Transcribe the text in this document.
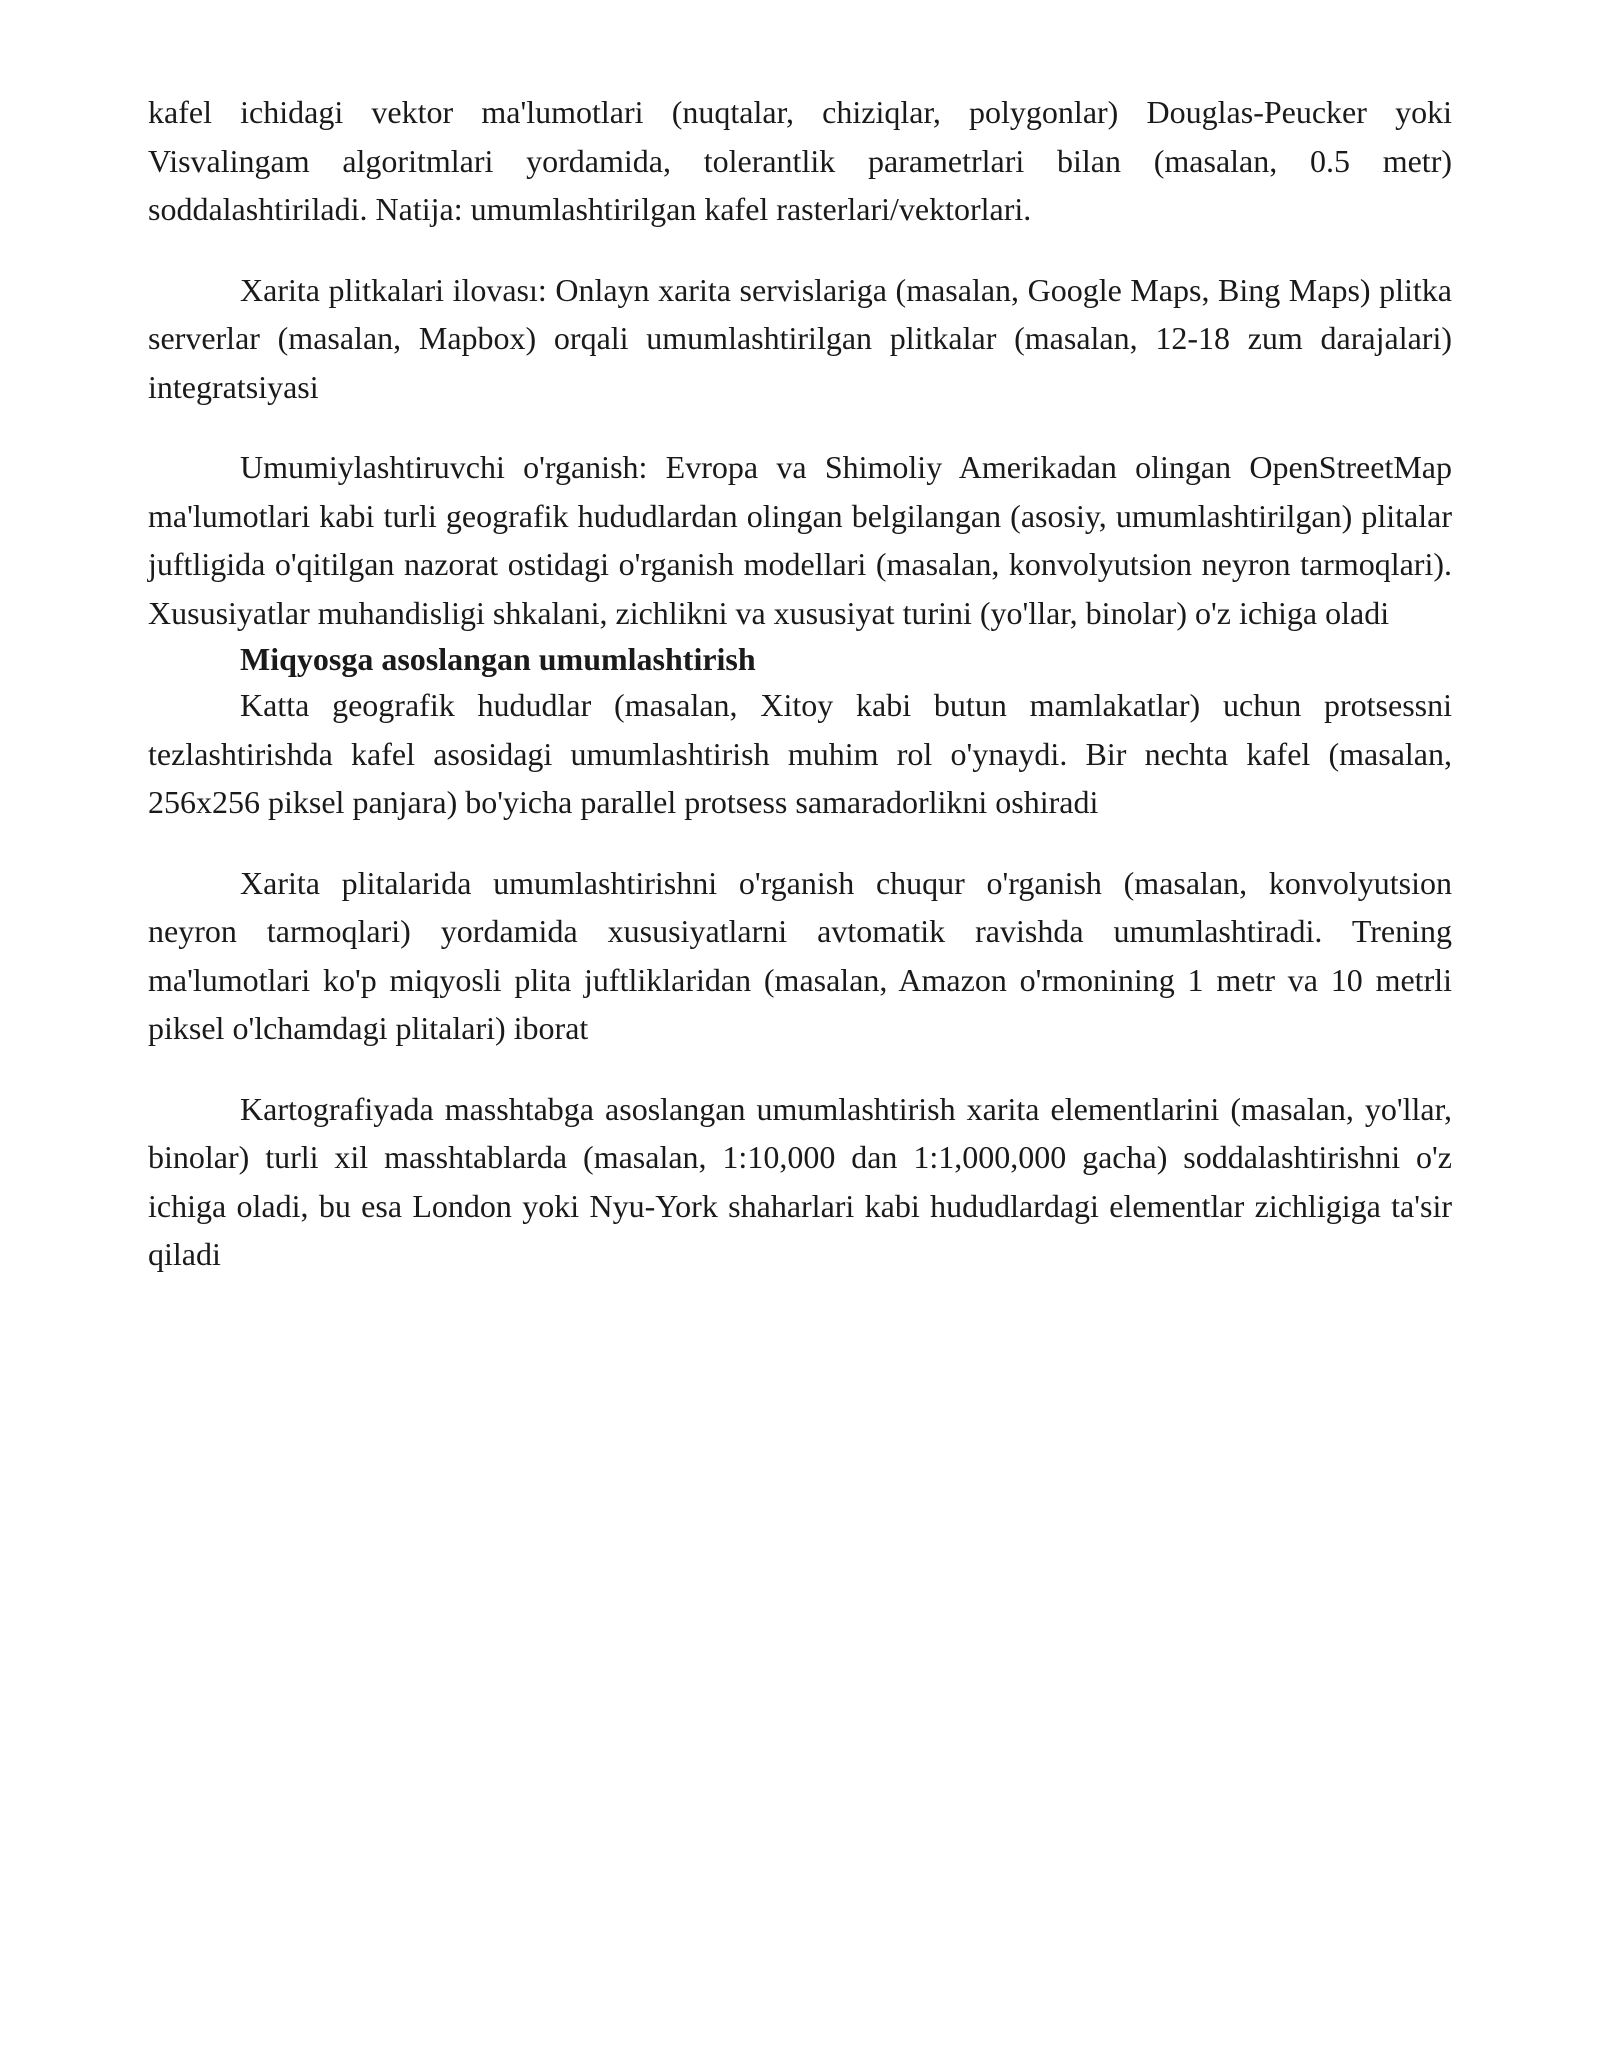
kafel ichidagi vektor ma'lumotlari (nuqtalar, chiziqlar, polygonlar) Douglas-Peucker yoki Visvalingam algoritmlari yordamida, tolerantlik parametrlari bilan (masalan, 0.5 metr) soddalashtiriladi. Natija: umumlashtirilgan kafel rasterlari/vektorlari.

Xarita plitkalari ilovası: Onlayn xarita servislariga (masalan, Google Maps, Bing Maps) plitka serverlar (masalan, Mapbox) orqali umumlashtirilgan plitkalar (masalan, 12-18 zum darajalari) integratsiyasi

Umumiylashtiruvchi o'rganish: Evropa va Shimoliy Amerikadan olingan OpenStreetMap ma'lumotlari kabi turli geografik hududlardan olingan belgilangan (asosiy, umumlashtirilgan) plitalar juftligida o'qitilgan nazorat ostidagi o'rganish modellari (masalan, konvolyutsion neyron tarmoqlari). Xususiyatlar muhandisligi shkalani, zichlikni va xususiyat turini (yo'llar, binolar) o'z ichiga oladi

Miqyosga asoslangan umumlashtirish

Katta geografik hududlar (masalan, Xitoy kabi butun mamlakatlar) uchun protsessni tezlashtirishda kafel asosidagi umumlashtirish muhim rol o'ynaydi. Bir nechta kafel (masalan, 256x256 piksel panjara) bo'yicha parallel protsess samaradorlikni oshiradi

Xarita plitalarida umumlashtirishni o'rganish chuqur o'rganish (masalan, konvolyutsion neyron tarmoqlari) yordamida xususiyatlarni avtomatik ravishda umumlashtiradi. Trening ma'lumotlari ko'p miqyosli plita juftliklaridan (masalan, Amazon o'rmonining 1 metr va 10 metrli piksel o'lchamdagi plitalari) iborat

Kartografiyada masshtabga asoslangan umumlashtirish xarita elementlarini (masalan, yo'llar, binolar) turli xil masshtablarda (masalan, 1:10,000 dan 1:1,000,000 gacha) soddalashtirishni o'z ichiga oladi, bu esa London yoki Nyu-York shaharlari kabi hududlardagi elementlar zichligiga ta'sir qiladi
